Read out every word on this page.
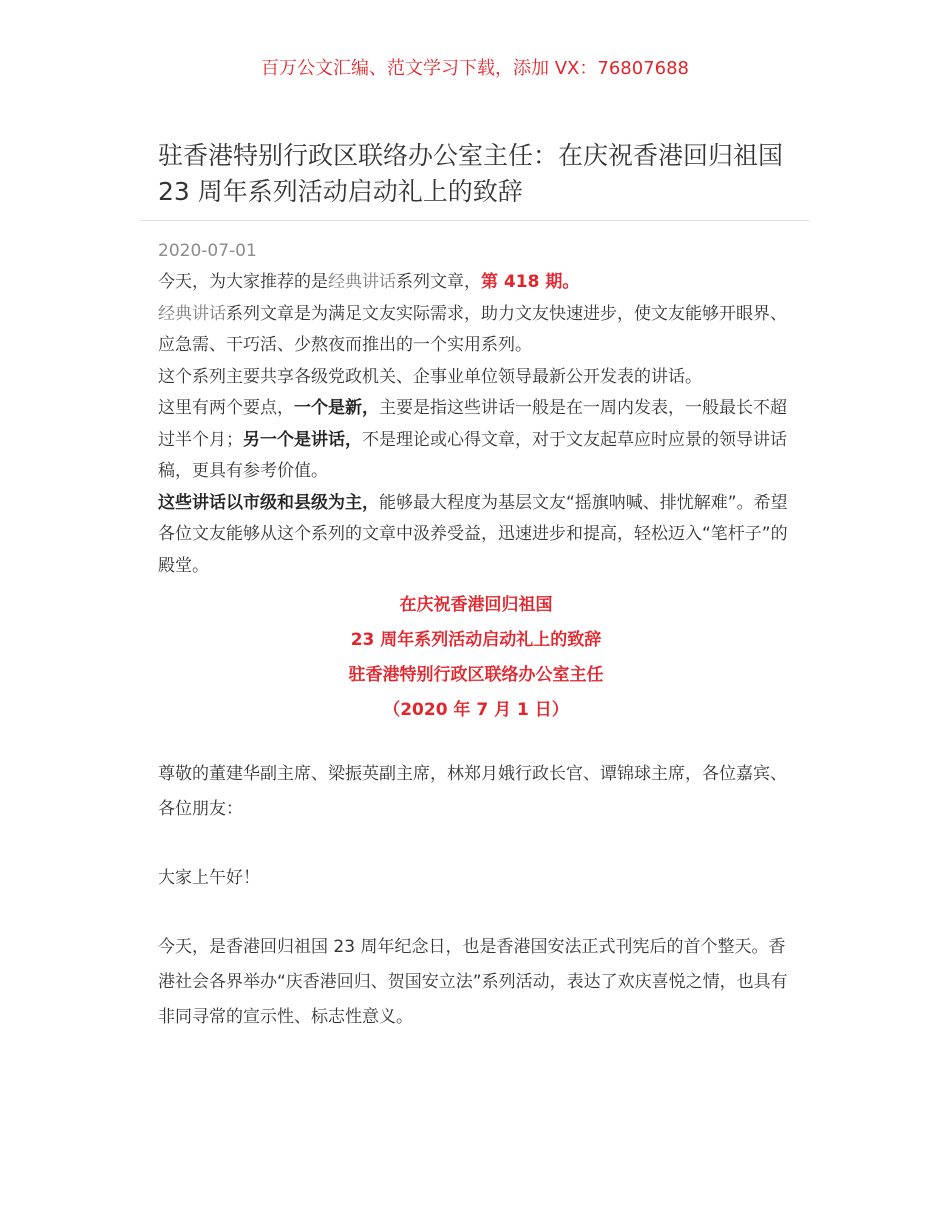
百万公文汇编、范文学习下载，添加 VX：76807688
驻香港特别行政区联络办公室主任：在庆祝香港回归祖国 23 周年系列活动启动礼上的致辞
2020-07-01

今天，为大家推荐的是经典讲话系列文章，第 418 期。

经典讲话系列文章是为满足文友实际需求，助力文友快速进步，使文友能够开眼界、应急需、干巧活、少熬夜而推出的一个实用系列。

这个系列主要共享各级党政机关、企事业单位领导最新公开发表的讲话。

这里有两个要点，一个是新，主要是指这些讲话一般是在一周内发表，一般最长不超过半个月；另一个是讲话，不是理论或心得文章，对于文友起草应时应景的领导讲话稿，更具有参考价值。

这些讲话以市级和县级为主，能够最大程度为基层文友“摇旗呐喊、排忧解难”。希望各位文友能够从这个系列的文章中汲养受益，迅速进步和提高，轻松迈入“笔杆子”的殿堂。

在庆祝香港回归祖国
23 周年系列活动启动礼上的致辞
驻香港特别行政区联络办公室主任
（2020 年 7 月 1 日）

尊敬的董建华副主席、梁振英副主席，林郑月娥行政长官、谭锦球主席，各位嘉宾、各位朋友：

大家上午好！

今天，是香港回归祖国 23 周年纪念日，也是香港国安法正式刊宪后的首个整天。香港社会各界举办“庆香港回归、贺国安立法”系列活动，表达了欢庆喜悦之情，也具有非同寻常的宣示性、标志性意义。
